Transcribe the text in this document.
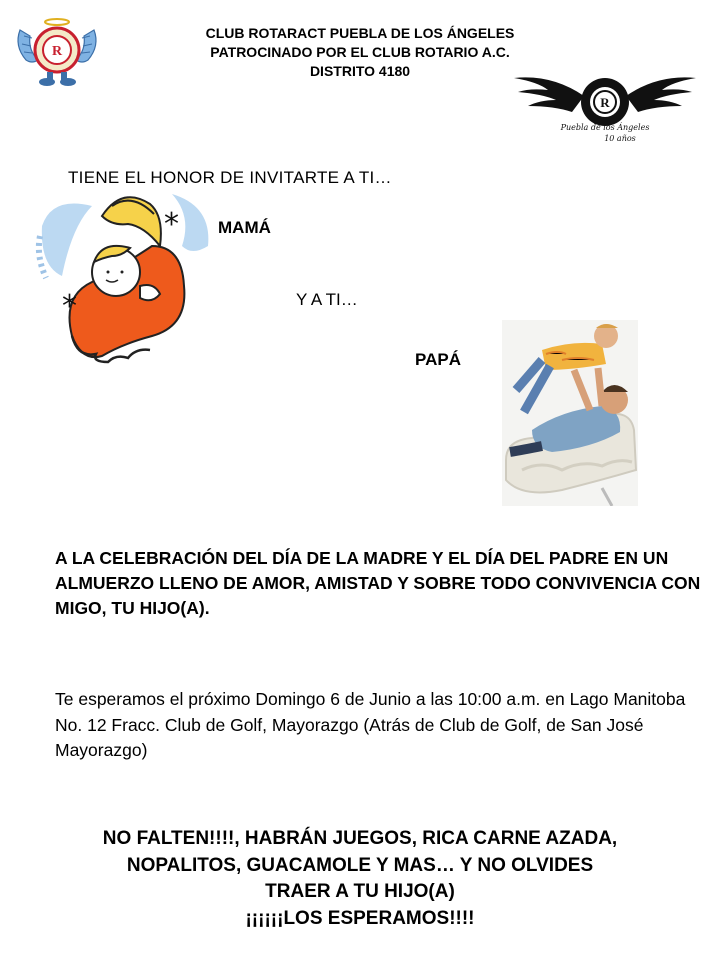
R
CLUB ROTARACT PUEBLA DE LOS ÁNGELES
PATROCINADO POR EL CLUB ROTARIO A.C.
DISTRITO 4180
R
Puebla de los Ángeles
10 años
TIENE EL HONOR DE INVITARTE A TI…
*
*
MAMÁ
Y A TI…
PAPÁ
A LA CELEBRACIÓN DEL DÍA DE LA MADRE Y EL DÍA DEL PADRE EN UN ALMUERZO LLENO DE AMOR, AMISTAD Y SOBRE TODO CONVIVENCIA CON MIGO, TU HIJO(A).
Te esperamos el próximo Domingo 6 de Junio a las 10:00 a.m. en Lago Manitoba No. 12 Fracc. Club de Golf, Mayorazgo (Atrás de Club de Golf, de San José Mayorazgo)
NO FALTEN!!!!, HABRÁN JUEGOS, RICA CARNE AZADA,
NOPALITOS, GUACAMOLE Y MAS… Y NO OLVIDES
TRAER A TU HIJO(A)
¡¡¡¡¡¡LOS ESPERAMOS!!!!
